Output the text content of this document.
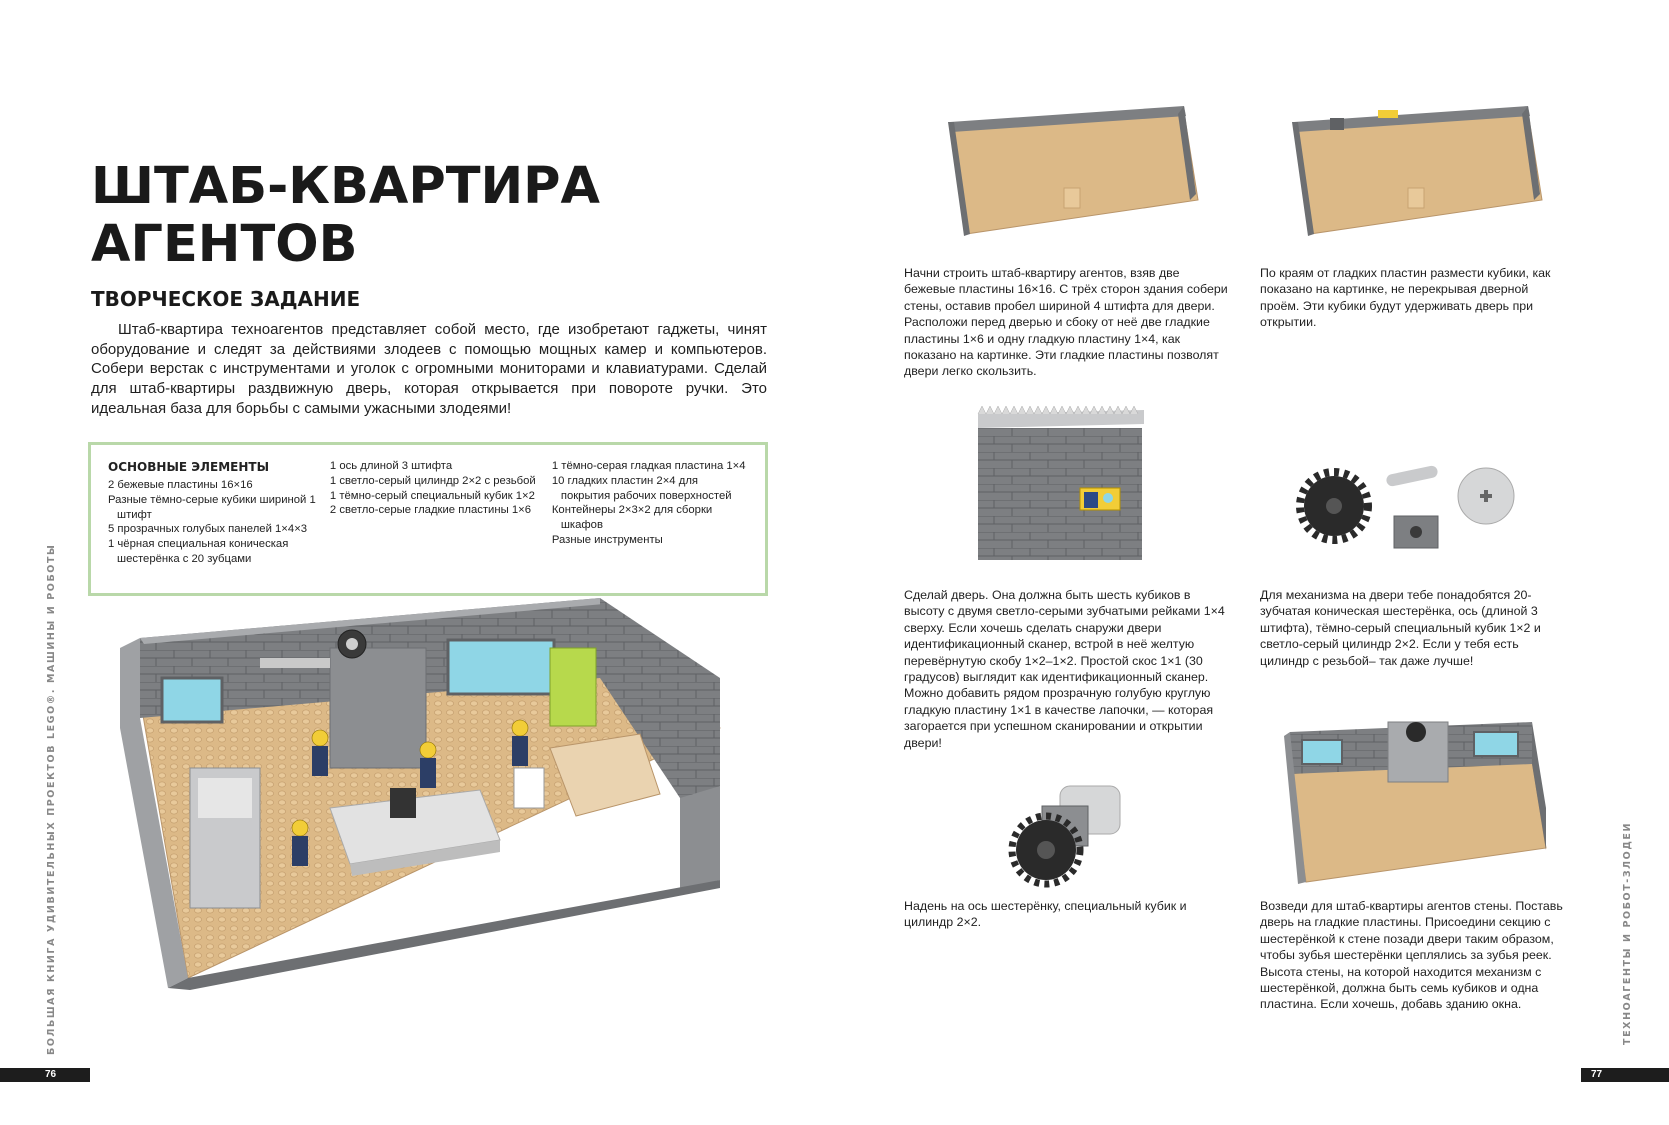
ШТАБ-КВАРТИРА
АГЕНТОВ
ТВОРЧЕСКОЕ ЗАДАНИЕ

Штаб-квартира техноагентов представляет собой место, где изобретают гаджеты, чинят оборудование и следят за действиями злодеев с помощью мощных камер и компьютеров. Собери верстак с инструментами и уголок с огромными мониторами и клавиатурами. Сделай для штаб-квартиры раздвижную дверь, которая открывается при повороте ручки. Это идеальная база для борьбы с самыми ужасными злодеями!

ОСНОВНЫЕ ЭЛЕМЕНТЫ
2 бежевые пластины 16×16
Разные тёмно-серые кубики шириной 1 штифт
5 прозрачных голубых панелей 1×4×3
1 чёрная специальная коническая шестерёнка с 20 зубцами
1 ось длиной 3 штифта
1 светло-серый цилиндр 2×2 с резьбой
1 тёмно-серый специальный кубик 1×2
2 светло-серые гладкие пластины 1×6
1 тёмно-серая гладкая пластина 1×4
10 гладких пластин 2×4 для покрытия рабочих поверхностей
Контейнеры 2×3×2 для сборки шкафов
Разные инструменты
БОЛЬШАЯ КНИГА УДИВИТЕЛЬНЫХ ПРОЕКТОВ LEGO®. МАШИНЫ И РОБОТЫ
76
Начни строить штаб-квартиру агентов, взяв две бежевые пластины 16×16. С трёх сторон здания собери стены, оставив пробел шириной 4 штифта для двери. Расположи перед дверью и сбоку от неё две гладкие пластины 1×6 и одну гладкую пластину 1×4, как показано на картинке. Эти гладкие пластины позволят двери легко скользить.
По краям от гладких пластин размести кубики, как показано на картинке, не перекрывая дверной проём. Эти кубики будут удерживать дверь при открытии.
Сделай дверь. Она должна быть шесть кубиков в высоту с двумя светло-серыми зубчатыми рейками 1×4 сверху. Если хочешь сделать снаружи двери идентификационный сканер, встрой в неё желтую перевёрнутую скобу 1×2–1×2. Простой скос 1×1 (30 градусов) выглядит как идентификационный сканер. Можно добавить рядом прозрачную голубую круглую гладкую пластину 1×1 в качестве лапочки, — которая загорается при успешном сканировании и открытии двери!
Для механизма на двери тебе понадобятся 20-зубчатая коническая шестерёнка, ось (длиной 3 штифта), тёмно-серый специальный кубик 1×2 и светло-серый цилиндр 2×2. Если у тебя есть цилиндр с резьбой– так даже лучше!
Надень на ось шестерёнку, специальный кубик и цилиндр 2×2.
Возведи для штаб-квартиры агентов стены. Поставь дверь на гладкие пластины. Присоедини секцию с шестерёнкой к стене позади двери таким образом, чтобы зубья шестерёнки цеплялись за зубья реек. Высота стены, на которой находится механизм с шестерёнкой, должна быть семь кубиков и одна пластина. Если хочешь, добавь зданию окна.	ТЕХНОАГЕНТЫ И РОБОТ-ЗЛОДЕИ
77
